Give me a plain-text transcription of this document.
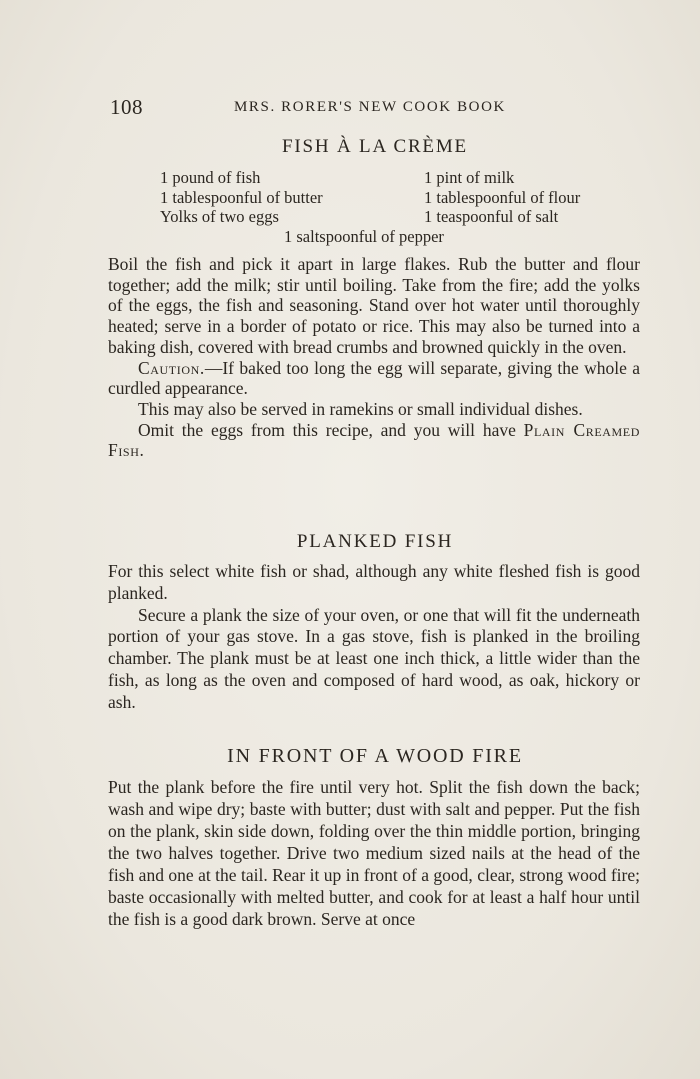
108	MRS. RORER'S NEW COOK BOOK
FISH À LA CRÈME
1 pound of fish	1 pint of milk
1 tablespoonful of butter	1 tablespoonful of flour
Yolks of two eggs	1 teaspoonful of salt
1 saltspoonful of pepper

Boil the fish and pick it apart in large flakes. Rub the butter and flour together; add the milk; stir until boiling. Take from the fire; add the yolks of the eggs, the fish and seasoning. Stand over hot water until thoroughly heated; serve in a border of potato or rice. This may also be turned into a baking dish, covered with bread crumbs and browned quickly in the oven.

Caution.—If baked too long the egg will separate, giving the whole a curdled appearance.

This may also be served in ramekins or small individual dishes.

Omit the eggs from this recipe, and you will have Plain Creamed Fish.

PLANKED FISH

For this select white fish or shad, although any white fleshed fish is good planked.

Secure a plank the size of your oven, or one that will fit the underneath portion of your gas stove. In a gas stove, fish is planked in the broiling chamber. The plank must be at least one inch thick, a little wider than the fish, as long as the oven and composed of hard wood, as oak, hickory or ash.

IN FRONT OF A WOOD FIRE

Put the plank before the fire until very hot. Split the fish down the back; wash and wipe dry; baste with butter; dust with salt and pepper. Put the fish on the plank, skin side down, folding over the thin middle portion, bringing the two halves together. Drive two medium sized nails at the head of the fish and one at the tail. Rear it up in front of a good, clear, strong wood fire; baste occasionally with melted butter, and cook for at least a half hour until the fish is a good dark brown. Serve at once
